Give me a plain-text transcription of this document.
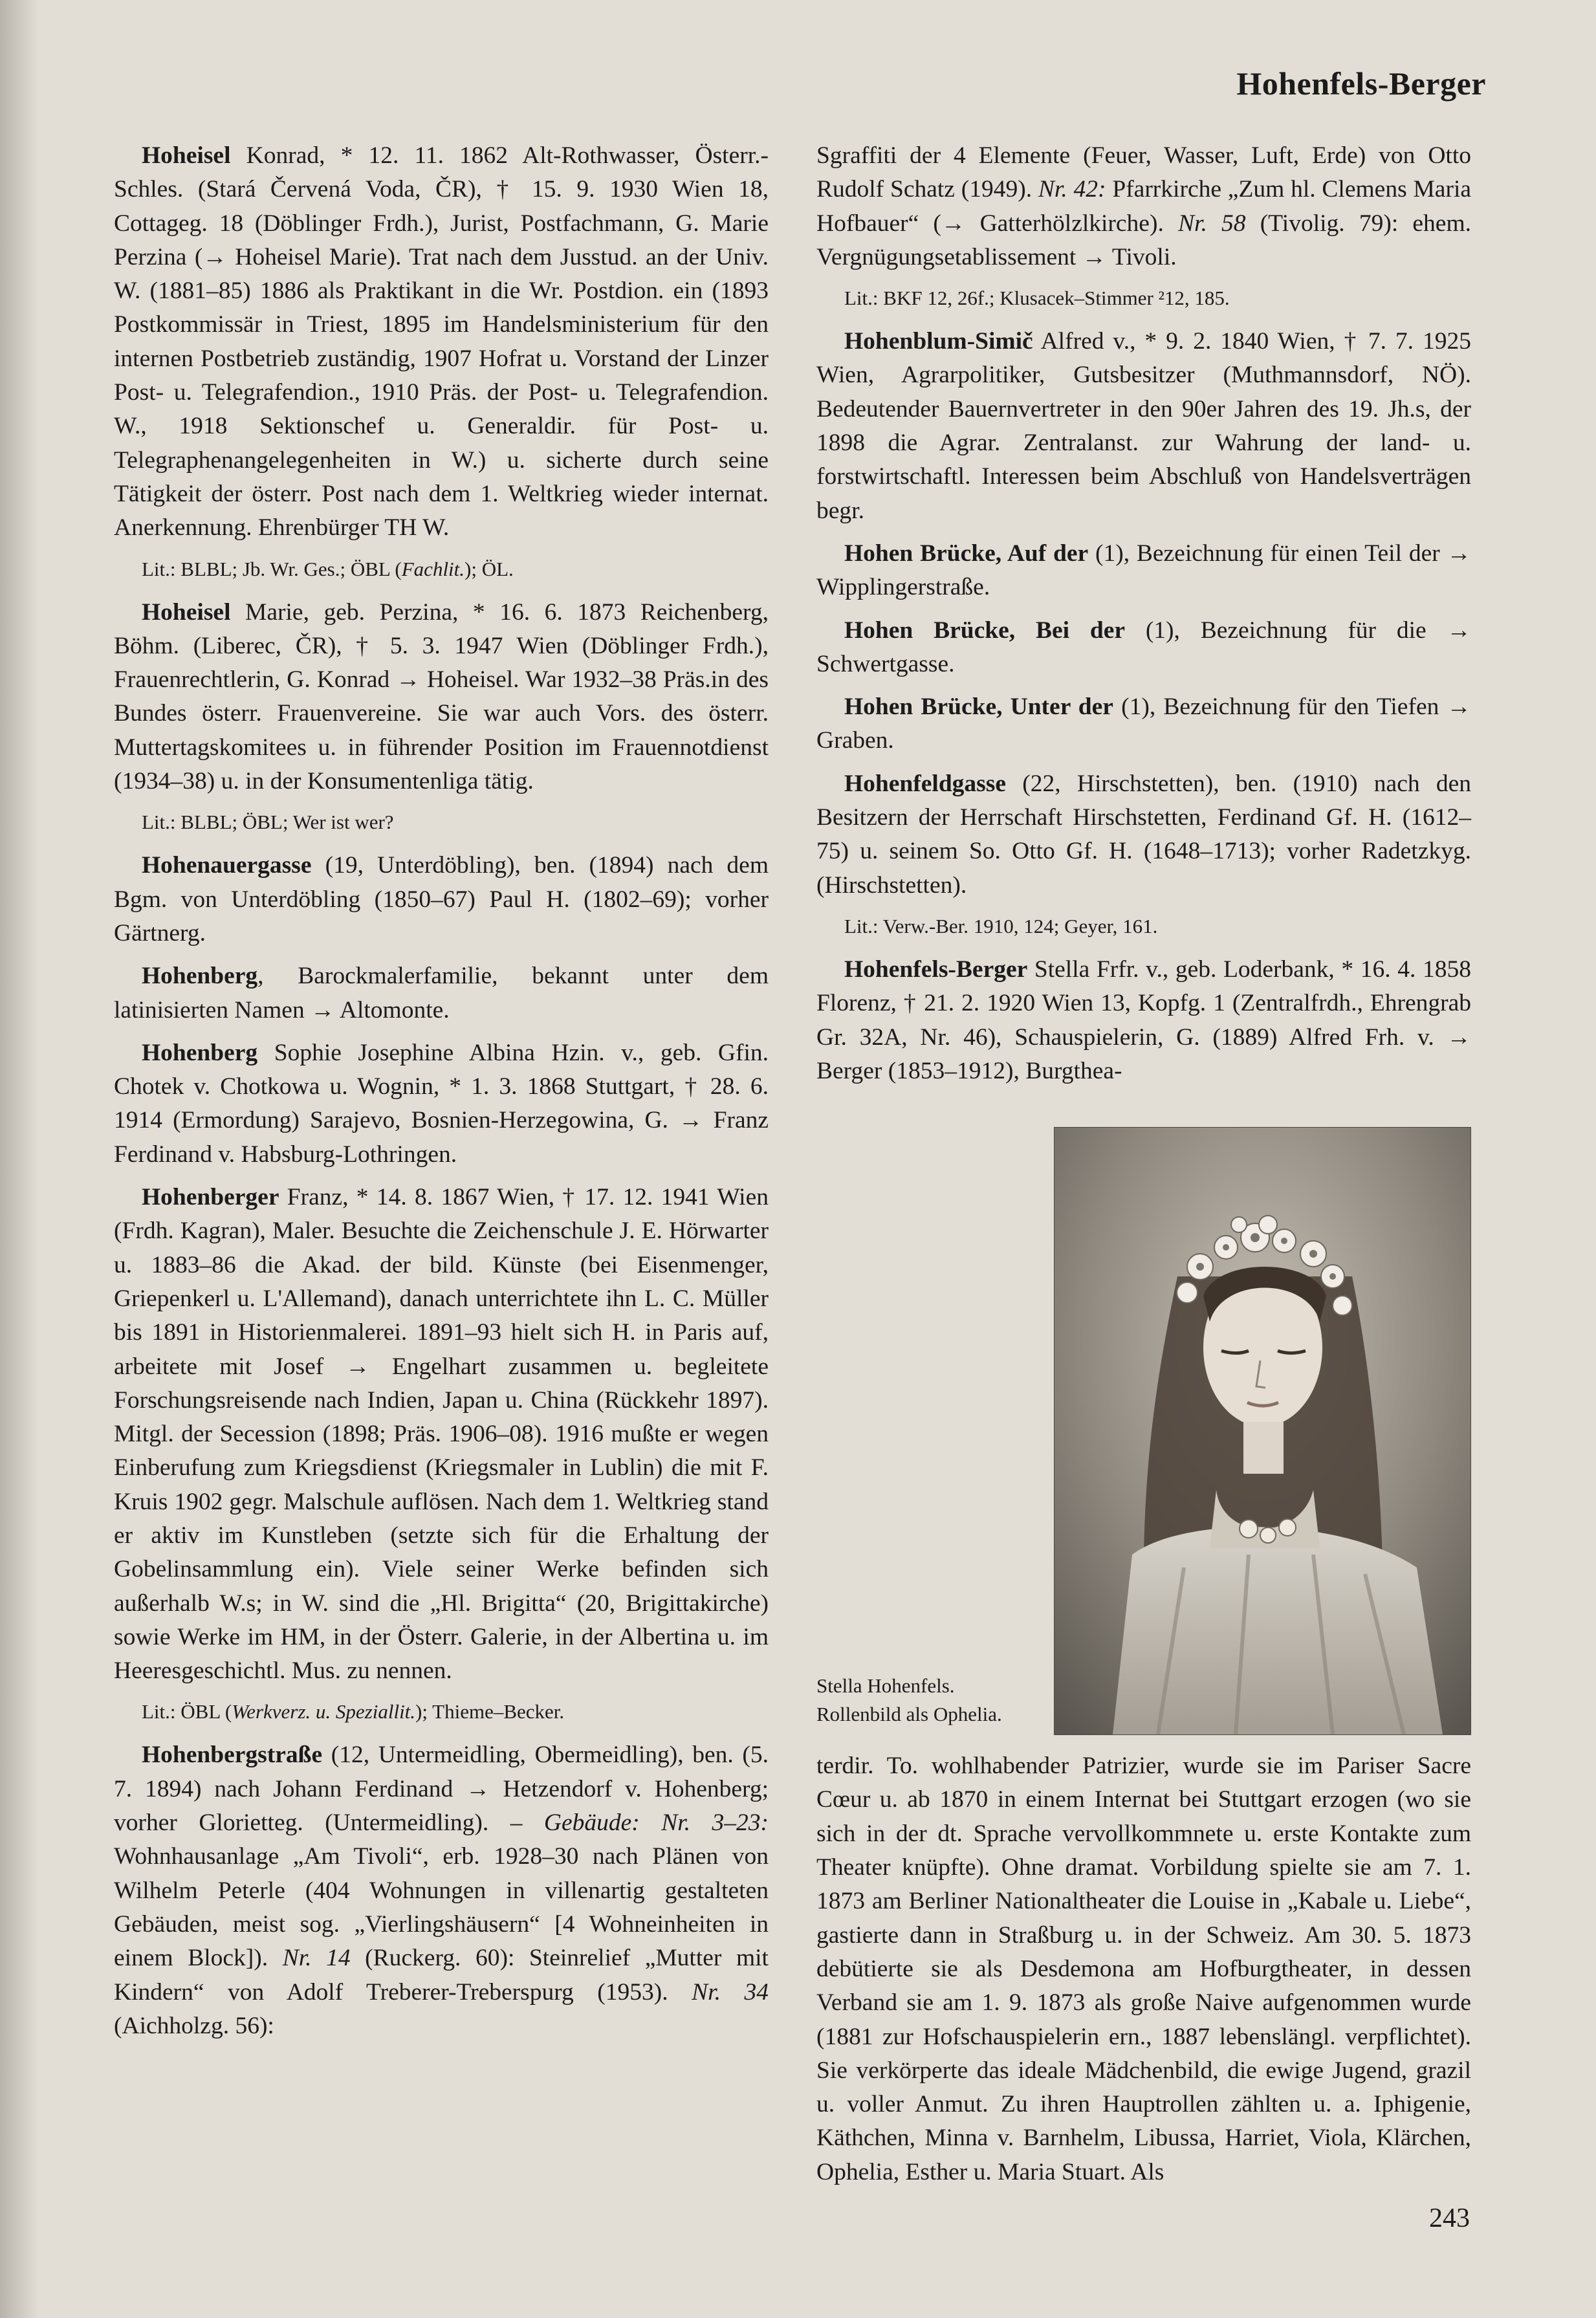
Hohenfels-Berger

Hoheisel Konrad, * 12. 11. 1862 Alt-Rothwasser, Österr.-Schles. (Stará Červená Voda, ČR), † 15. 9. 1930 Wien 18, Cottageg. 18 (Döblinger Frdh.), Jurist, Postfachmann, G. Marie Perzina (→ Hoheisel Marie). Trat nach dem Jusstud. an der Univ. W. (1881–85) 1886 als Praktikant in die Wr. Postdion. ein (1893 Postkommissär in Triest, 1895 im Handelsministerium für den internen Postbetrieb zuständig, 1907 Hofrat u. Vorstand der Linzer Post- u. Telegrafendion., 1910 Präs. der Post- u. Telegrafendion. W., 1918 Sektionschef u. Generaldir. für Post- u. Telegraphenangelegenheiten in W.) u. sicherte durch seine Tätigkeit der österr. Post nach dem 1. Weltkrieg wieder internat. Anerkennung. Ehrenbürger TH W.

Lit.: BLBL; Jb. Wr. Ges.; ÖBL (Fachlit.); ÖL.

Hoheisel Marie, geb. Perzina, * 16. 6. 1873 Reichenberg, Böhm. (Liberec, ČR), † 5. 3. 1947 Wien (Döblinger Frdh.), Frauenrechtlerin, G. Konrad → Hoheisel. War 1932–38 Präs.in des Bundes österr. Frauenvereine. Sie war auch Vors. des österr. Muttertagskomitees u. in führender Position im Frauennotdienst (1934–38) u. in der Konsumentenliga tätig.

Lit.: BLBL; ÖBL; Wer ist wer?

Hohenauergasse (19, Unterdöbling), ben. (1894) nach dem Bgm. von Unterdöbling (1850–67) Paul H. (1802–69); vorher Gärtnerg.

Hohenberg, Barockmalerfamilie, bekannt unter dem latinisierten Namen → Altomonte.

Hohenberg Sophie Josephine Albina Hzin. v., geb. Gfin. Chotek v. Chotkowa u. Wognin, * 1. 3. 1868 Stuttgart, † 28. 6. 1914 (Ermordung) Sarajevo, Bosnien-Herzegowina, G. → Franz Ferdinand v. Habsburg-Lothringen.

Hohenberger Franz, * 14. 8. 1867 Wien, † 17. 12. 1941 Wien (Frdh. Kagran), Maler. Besuchte die Zeichenschule J. E. Hörwarter u. 1883–86 die Akad. der bild. Künste (bei Eisenmenger, Griepenkerl u. L'Allemand), danach unterrichtete ihn L. C. Müller bis 1891 in Historienmalerei. 1891–93 hielt sich H. in Paris auf, arbeitete mit Josef → Engelhart zusammen u. begleitete Forschungsreisende nach Indien, Japan u. China (Rückkehr 1897). Mitgl. der Secession (1898; Präs. 1906–08). 1916 mußte er wegen Einberufung zum Kriegsdienst (Kriegsmaler in Lublin) die mit F. Kruis 1902 gegr. Malschule auflösen. Nach dem 1. Weltkrieg stand er aktiv im Kunstleben (setzte sich für die Erhaltung der Gobelinsammlung ein). Viele seiner Werke befinden sich außerhalb W.s; in W. sind die „Hl. Brigitta“ (20, Brigittakirche) sowie Werke im HM, in der Österr. Galerie, in der Albertina u. im Heeresgeschichtl. Mus. zu nennen.

Lit.: ÖBL (Werkverz. u. Speziallit.); Thieme–Becker.

Hohenbergstraße (12, Untermeidling, Obermeidling), ben. (5. 7. 1894) nach Johann Ferdinand → Hetzendorf v. Hohenberg; vorher Glorietteg. (Untermeidling). – Gebäude: Nr. 3–23: Wohnhausanlage „Am Tivoli“, erb. 1928–30 nach Plänen von Wilhelm Peterle (404 Wohnungen in villenartig gestalteten Gebäuden, meist sog. „Vierlingshäusern“ [4 Wohneinheiten in einem Block]). Nr. 14 (Ruckerg. 60): Steinrelief „Mutter mit Kindern“ von Adolf Treberer-Treberspurg (1953). Nr. 34 (Aichholzg. 56):

Sgraffiti der 4 Elemente (Feuer, Wasser, Luft, Erde) von Otto Rudolf Schatz (1949). Nr. 42: Pfarrkirche „Zum hl. Clemens Maria Hofbauer“ (→ Gatterhölzlkirche). Nr. 58 (Tivolig. 79): ehem. Vergnügungsetablissement → Tivoli.

Lit.: BKF 12, 26f.; Klusacek–Stimmer ²12, 185.

Hohenblum-Simič Alfred v., * 9. 2. 1840 Wien, † 7. 7. 1925 Wien, Agrarpolitiker, Gutsbesitzer (Muthmannsdorf, NÖ). Bedeutender Bauernvertreter in den 90er Jahren des 19. Jh.s, der 1898 die Agrar. Zentralanst. zur Wahrung der land- u. forstwirtschaftl. Interessen beim Abschluß von Handelsverträgen begr.

Hohen Brücke, Auf der (1), Bezeichnung für einen Teil der → Wipplingerstraße.

Hohen Brücke, Bei der (1), Bezeichnung für die → Schwertgasse.

Hohen Brücke, Unter der (1), Bezeichnung für den Tiefen → Graben.

Hohenfeldgasse (22, Hirschstetten), ben. (1910) nach den Besitzern der Herrschaft Hirschstetten, Ferdinand Gf. H. (1612–75) u. seinem So. Otto Gf. H. (1648–1713); vorher Radetzkyg. (Hirschstetten).

Lit.: Verw.-Ber. 1910, 124; Geyer, 161.

Hohenfels-Berger Stella Frfr. v., geb. Loderbank, * 16. 4. 1858 Florenz, † 21. 2. 1920 Wien 13, Kopfg. 1 (Zentralfrdh., Ehrengrab Gr. 32A, Nr. 46), Schauspielerin, G. (1889) Alfred Frh. v. → Berger (1853–1912), Burgthea-

Stella Hohenfels. Rollenbild als Ophelia.

terdir. To. wohlhabender Patrizier, wurde sie im Pariser Sacre Cœur u. ab 1870 in einem Internat bei Stuttgart erzogen (wo sie sich in der dt. Sprache vervollkommnete u. erste Kontakte zum Theater knüpfte). Ohne dramat. Vorbildung spielte sie am 7. 1. 1873 am Berliner Nationaltheater die Louise in „Kabale u. Liebe“, gastierte dann in Straßburg u. in der Schweiz. Am 30. 5. 1873 debütierte sie als Desdemona am Hofburgtheater, in dessen Verband sie am 1. 9. 1873 als große Naive aufgenommen wurde (1881 zur Hofschauspielerin ern., 1887 lebenslängl. verpflichtet). Sie verkörperte das ideale Mädchenbild, die ewige Jugend, grazil u. voller Anmut. Zu ihren Hauptrollen zählten u. a. Iphigenie, Käthchen, Minna v. Barnhelm, Libussa, Harriet, Viola, Klärchen, Ophelia, Esther u. Maria Stuart. Als

243
